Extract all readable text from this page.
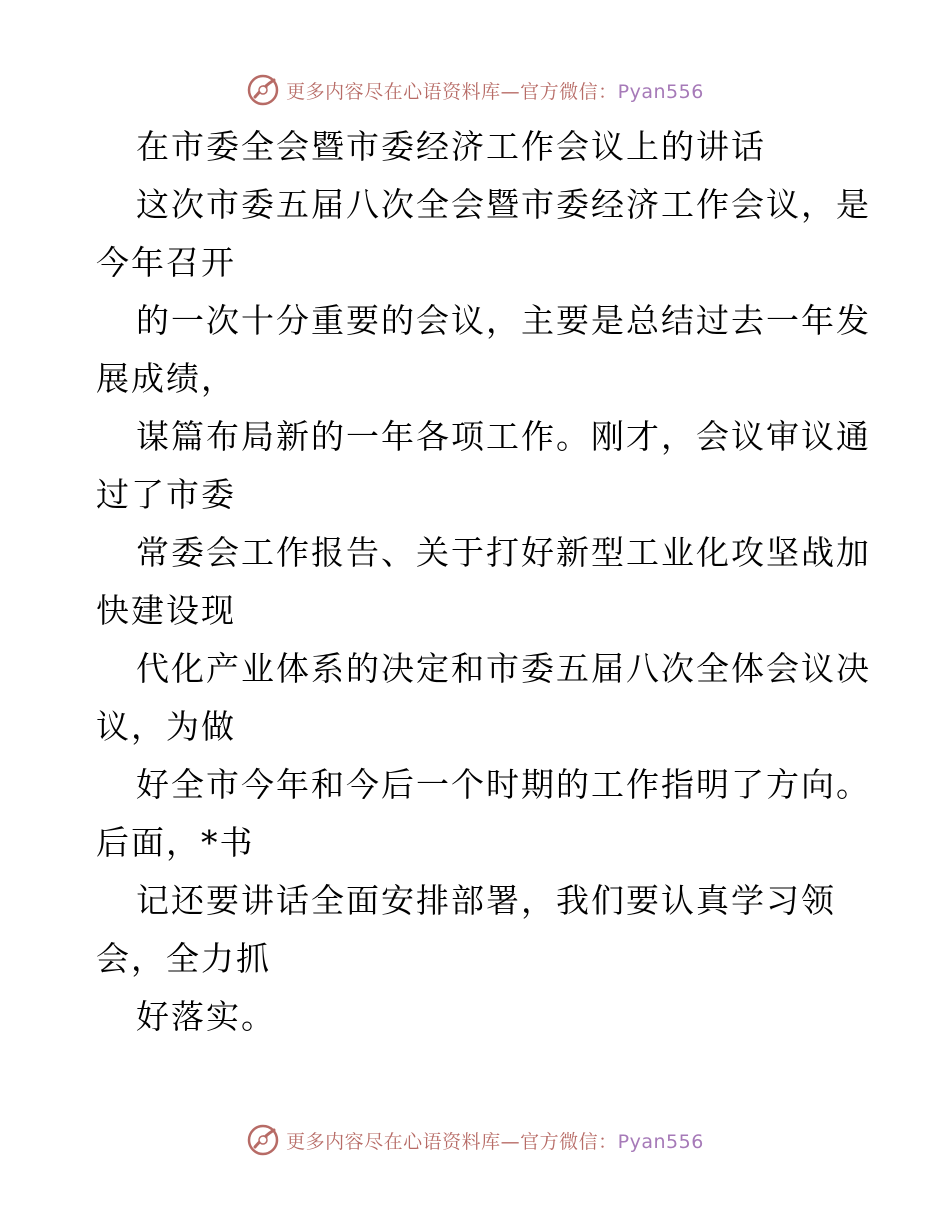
更多内容尽在心语资料库—官方微信：Pyan556
在市委全会暨市委经济工作会议上的讲话
这次市委五届八次全会暨市委经济工作会议，是
今年召开
的一次十分重要的会议，主要是总结过去一年发
展成绩，
谋篇布局新的一年各项工作。刚才，会议审议通
过了市委
常委会工作报告、关于打好新型工业化攻坚战加
快建设现
代化产业体系的决定和市委五届八次全体会议决
议，为做
好全市今年和今后一个时期的工作指明了方向。
后面，*书
记还要讲话全面安排部署，我们要认真学习领
会，全力抓
好落实。
更多内容尽在心语资料库—官方微信：Pyan556
